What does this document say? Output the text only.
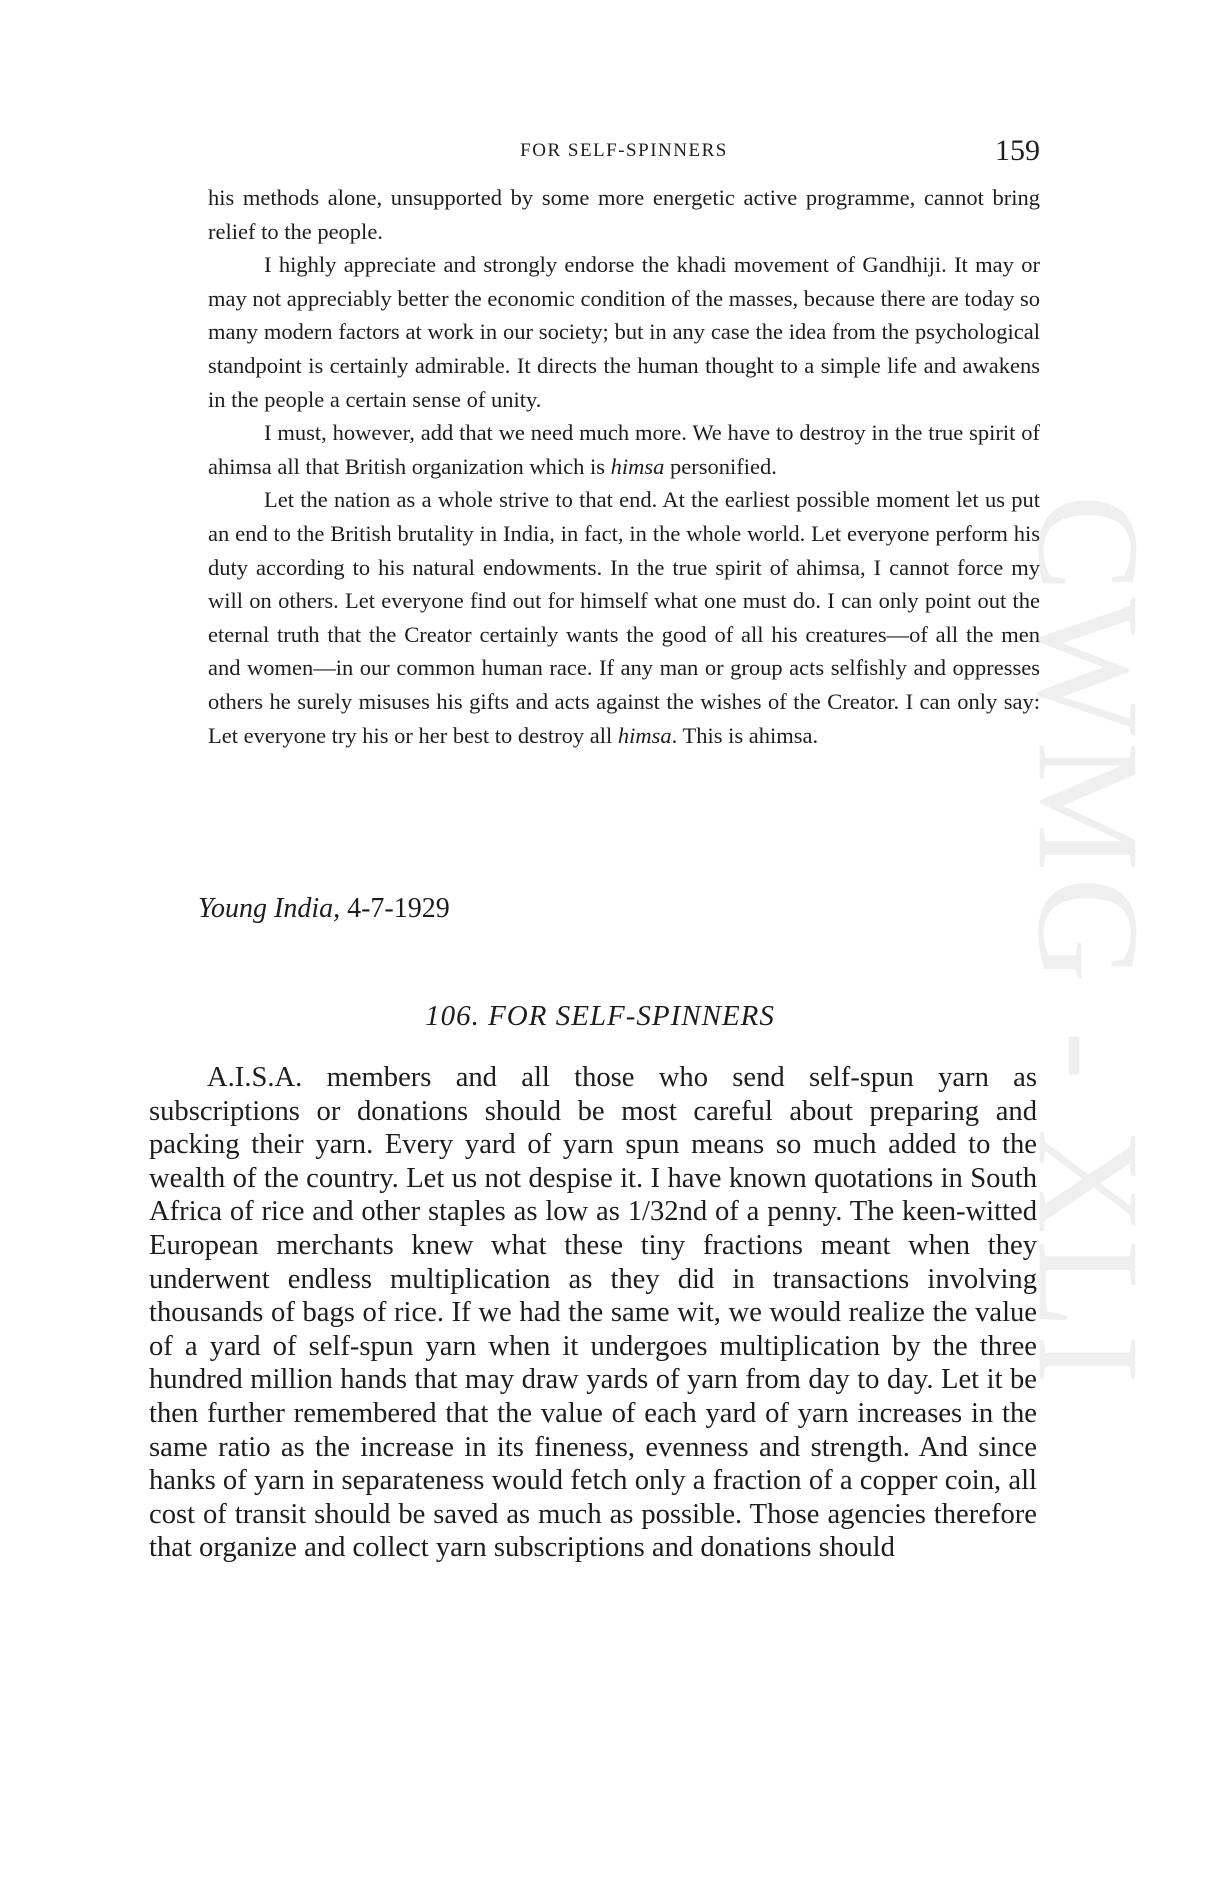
FOR SELF-SPINNERS	159
CWMG - XLI

his methods alone, unsupported by some more energetic active programme, cannot bring relief to the people.

I highly appreciate and strongly endorse the khadi movement of Gandhiji. It may or may not appreciably better the economic condition of the masses, because there are today so many modern factors at work in our society; but in any case the idea from the psychological standpoint is certainly admirable. It directs the human thought to a simple life and awakens in the people a certain sense of unity.

I must, however, add that we need much more. We have to destroy in the true spirit of ahimsa all that British organization which is himsa personified.

Let the nation as a whole strive to that end. At the earliest possible moment let us put an end to the British brutality in India, in fact, in the whole world. Let everyone perform his duty according to his natural endowments. In the true spirit of ahimsa, I cannot force my will on others. Let everyone find out for himself what one must do. I can only point out the eternal truth that the Creator certainly wants the good of all his creatures—of all the men and women—in our common human race. If any man or group acts selfishly and oppresses others he surely misuses his gifts and acts against the wishes of the Creator. I can only say: Let everyone try his or her best to destroy all himsa. This is ahimsa.

Young India, 4-7-1929
106. FOR SELF-SPINNERS

A.I.S.A. members and all those who send self-spun yarn as subscriptions or donations should be most careful about preparing and packing their yarn. Every yard of yarn spun means so much added to the wealth of the country. Let us not despise it. I have known quotations in South Africa of rice and other staples as low as 1/32nd of a penny. The keen-witted European merchants knew what these tiny fractions meant when they underwent endless multiplication as they did in transactions involving thousands of bags of rice. If we had the same wit, we would realize the value of a yard of self-spun yarn when it undergoes multiplication by the three hundred million hands that may draw yards of yarn from day to day. Let it be then further remembered that the value of each yard of yarn increases in the same ratio as the increase in its fineness, evenness and strength. And since hanks of yarn in separateness would fetch only a fraction of a copper coin, all cost of transit should be saved as much as possible. Those agencies therefore that organize and collect yarn subscriptions and donations should
